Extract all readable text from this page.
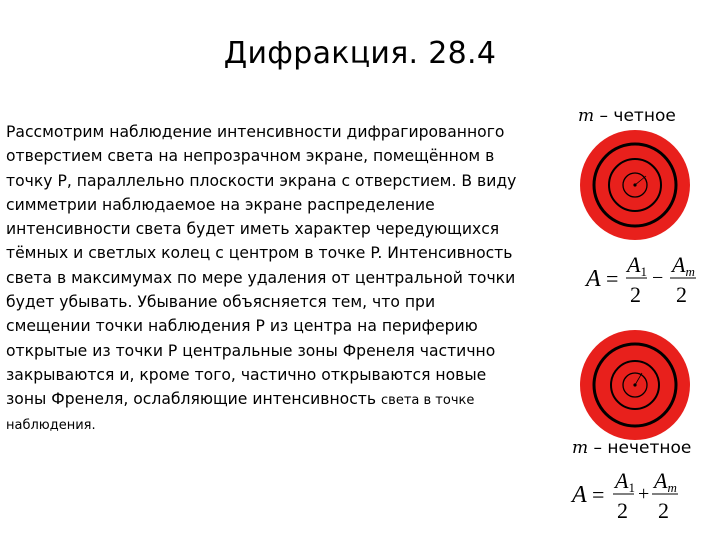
Дифракция. 28.4
Рассмотрим наблюдение интенсивности дифрагированного
отверстием света на непрозрачном экране, помещённом в
точку P, параллельно плоскости экрана с отверстием. В виду
симметрии наблюдаемое на экране распределение
интенсивности света будет иметь характер чередующихся
тёмных и светлых колец с центром в точке P. Интенсивность
света в максимумах по мере удаления от центральной точки
будет убывать. Убывание объясняется тем, что при
смещении точки наблюдения P из центра на периферию
открытые из точки P центральные зоны Френеля частично
закрываются и, кроме того, частично открываются новые
зоны Френеля, ослабляющие интенсивность света в точке
наблюдения.
m – четное
A =
A1
2
−
Am
2
m – нечетное
A =
A1
2
+
Am
2
